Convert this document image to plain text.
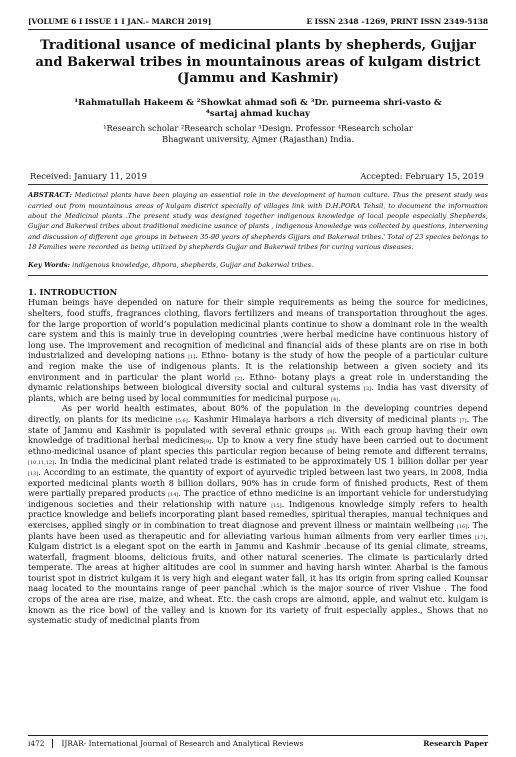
[VOLUME 6 I ISSUE 1 I JAN.– MARCH 2019]	E ISSN 2348 –1269, PRINT ISSN 2349-5138
Traditional usance of medicinal plants by shepherds, Gujjar and Bakerwal tribes in mountainous areas of kulgam district (Jammu and Kashmir)
¹Rahmatullah Hakeem & ²Showkat ahmad sofi & ³Dr. purneema shri-vasto &
⁴sartaj ahmad kuchay
¹Research scholar ²Research scholar ³Design. Professor ⁴Research scholar
Bhagwant university, Ajmer (Rajasthan) India.
Received: January 11, 2019	Accepted: February 15, 2019
ABSTRACT: Medicinal plants have been playing an essential role in the development of human culture. Thus the present study was carried out from mountainous areas of kulgam district specially of villages link with D.H.PORA Tehsil, to document the information about the Medicinal plants .The present study was designed together indigenous knowledge of local people especially Shepherds, Gujjar and Bakerwal tribes about traditional medicine usance of plants , indigenous knowledge was collected by questions, intervening and discussion of different age groups in between 35-90 years of shepherds Gijjars and Bakerwal tribes.' Total of 23 species belongs to 18 Families were recorded as being utilized by shepherds Gujjar and Bakerwal tribes for curing various diseases.
Key Words: indigenous knowledge, dhpora, shepherds, Gujjar and bakerwal tribes.
1. INTRODUCTION

Human beings have depended on nature for their simple requirements as being the source for medicines, shelters, food stuffs, fragrances clothing, flavors fertilizers and means of transportation throughout the ages. for the large proportion of world’s population medicinal plants continue to show a dominant role in the wealth care system and this is mainly true in developing countries ,were herbal medicine have continuous history of long use. The improvement and recognition of medicinal and financial aids of these plants are on rise in both industrialized and developing nations [1]. Ethno- botany is the study of how the people of a particular culture and region make the use of indigenous plants. It is the relationship between a given society and its environment and in particular the plant world [2]. Ethno- botany plays a great role in understanding the dynamic relationships between biological diversity social and cultural systems [3]. India has vast diversity of plants, which are being used by local communities for medicinal purpose [4].

As per world health estimates, about 80% of the population in the developing countries depend directly, on plants for its medicine [5,6]. Kashmir Himalaya harbors a rich diversity of medicinal plants [7]. The state of Jammu and Kashmir is populated with several ethnic groups [8]. With each group having their own knowledge of traditional herbal medicines[9]. Up to know a very fine study have been carried out to document ethno-medicinal usance of plant species this particular region because of being remote and different terrains, [10,11,12]. In India the medicinal plant related trade is estimated to be approximately US 1 billion dollar per year [13]. According to an estimate, the quantity of export of ayurvedic tripled between last two years, in 2008, India exported medicinal plants worth 8 billion dollars, 90% has in crude form of finished products, Rest of them were partially prepared products [14]. The practice of ethno medicine is an important vehicle for understudying indigenous societies and their relationship with nature [15]. Indigenous knowledge simply refers to health practice knowledge and beliefs incorporating plant based remedies, spiritual therapies, manual techniques and exercises, applied singly or in combination to treat diagnose and prevent illness or maintain wellbeing [16]. The plants have been used as therapeutic and for alleviating various human ailments from very earlier times [17]. Kulgam district is a elegant spot on the earth in Jammu and Kashmir .because of its genial climate, streams, waterfall, fragment blooms, delicious fruits, and other natural sceneries. The climate is particularly dried temperate. The areas at higher altitudes are cool in summer and having harsh winter. Aharbal is the famous tourist spot in district kulgam it is very high and elegant water fall, it has its origin from spring called Kounsar naag located to the mountains range of peer panchal .which is the major source of river Vishue . The food crops of the area are rise, maize, and wheat. Etc. the cash crops are almond, apple, and walnut etc. kulgam is known as the rice bowl of the valley and is known for its variety of fruit especially apples., Shows that no systematic study of medicinal plants from

i472	IJRAR- International Journal of Research and Analytical Reviews	Research Paper
